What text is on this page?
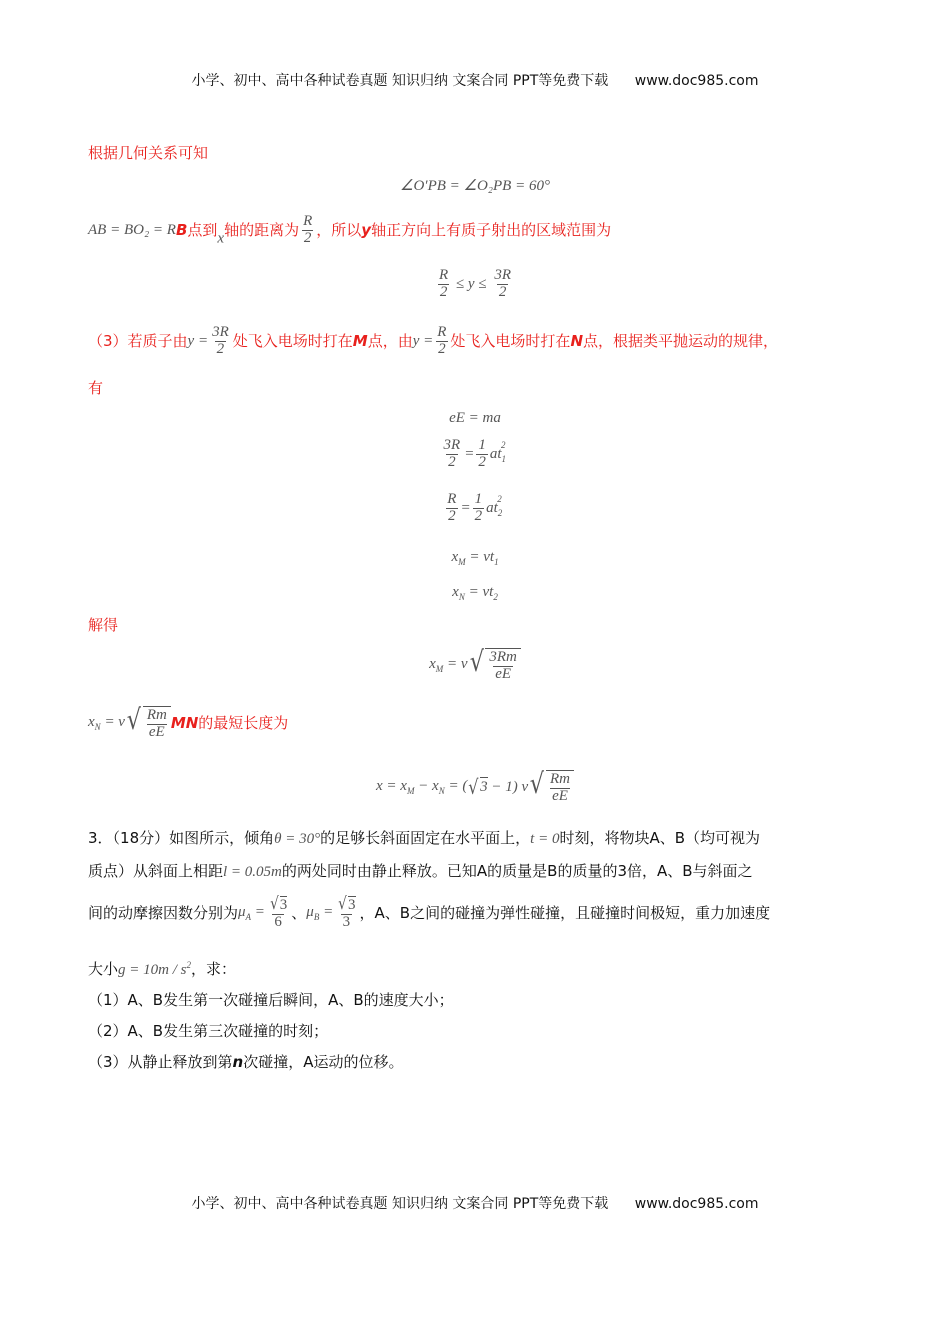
小学、初中、高中各种试卷真题 知识归纳 文案合同 PPT等免费下载 www.doc985.com
根据几何关系可知
∠O′PB = ∠O₂PB = 60°
AB = BO₂ = RB点到x轴的距离为 $\frac{R}{2}$ ，所以y轴正方向上有质子射出的区域范围为
$\frac{R}{2} \le y \le \frac{3R}{2}$
（3）若质子由$y = \frac{3R}{2}$ 处飞入电场时打在M点，由$y = \frac{R}{2}$ 处飞入电场时打在N点，根据类平抛运动的规律，
有
eE = ma
$\frac{3R}{2} = \frac{1}{2} at_1^2$
$\frac{R}{2} = \frac{1}{2} at_2^2$
$x_M = vt_1$
$x_N = vt_2$
解得
$x_M = v$ √ $\frac{3Rm}{eE}$
$x_N = v$ √ $\frac{Rm}{eE}$ MN的最短长度为
$x = x_M - x_N$ = ( √ 3 − 1) v √ $\frac{Rm}{eE}$
3．（18分）如图所示，倾角θ = 30°的足够长斜面固定在水平面上，t = 0时刻，将物块A、B（均可视为
质点）从斜面上相距l = 0.05m的两处同时由静止释放。已知A的质量是B的质量的3倍，A、B与斜面之
间的动摩擦因数分别为$\mu_A = \frac{√ 3}{6}$ 、$\mu_B = \frac{√ 3}{3}$ ，A、B之间的碰撞为弹性碰撞，且碰撞时间极短，重力加速度
大小$g = 10m / s^2$，求：
（1）A、B发生第一次碰撞后瞬间，A、B的速度大小；
（2）A、B发生第三次碰撞的时刻；
（3）从静止释放到第n次碰撞，A运动的位移。
小学、初中、高中各种试卷真题 知识归纳 文案合同 PPT等免费下载 www.doc985.com
